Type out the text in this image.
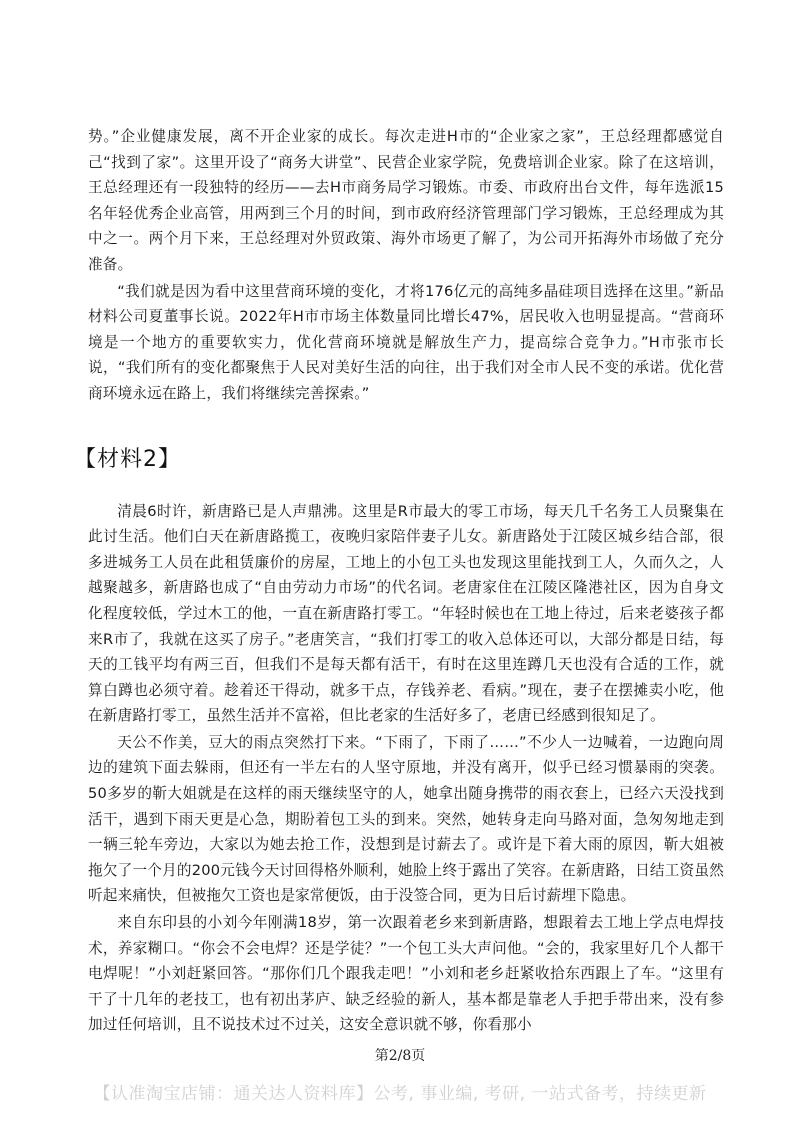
势。”企业健康发展，离不开企业家的成长。每次走进H市的“企业家之家”，王总经理都感觉自己“找到了家”。这里开设了“商务大讲堂”、民营企业家学院，免费培训企业家。除了在这培训，王总经理还有一段独特的经历——去H市商务局学习锻炼。市委、市政府出台文件，每年选派15名年轻优秀企业高管，用两到三个月的时间，到市政府经济管理部门学习锻炼，王总经理成为其中之一。两个月下来，王总经理对外贸政策、海外市场更了解了，为公司开拓海外市场做了充分准备。

“我们就是因为看中这里营商环境的变化，才将176亿元的高纯多晶硅项目选择在这里。”新品材料公司夏董事长说。2022年H市市场主体数量同比增长47%，居民收入也明显提高。“营商环境是一个地方的重要软实力，优化营商环境就是解放生产力，提高综合竞争力。”H市张市长说，“我们所有的变化都聚焦于人民对美好生活的向往，出于我们对全市人民不变的承诺。优化营商环境永远在路上，我们将继续完善探索。”

【材料2】

清晨6时许，新唐路已是人声鼎沸。这里是R市最大的零工市场，每天几千名务工人员聚集在此讨生活。他们白天在新唐路揽工，夜晚归家陪伴妻子儿女。新唐路处于江陵区城乡结合部，很多进城务工人员在此租赁廉价的房屋，工地上的小包工头也发现这里能找到工人，久而久之，人越聚越多，新唐路也成了“自由劳动力市场”的代名词。老唐家住在江陵区隆港社区，因为自身文化程度较低，学过木工的他，一直在新唐路打零工。“年轻时候也在工地上待过，后来老婆孩子都来R市了，我就在这买了房子。”老唐笑言，“我们打零工的收入总体还可以，大部分都是日结，每天的工钱平均有两三百，但我们不是每天都有活干，有时在这里连蹲几天也没有合适的工作，就算白蹲也必须守着。趁着还干得动，就多干点，存钱养老、看病。”现在，妻子在摆摊卖小吃，他在新唐路打零工，虽然生活并不富裕，但比老家的生活好多了，老唐已经感到很知足了。

天公不作美，豆大的雨点突然打下来。“下雨了，下雨了……”不少人一边喊着，一边跑向周边的建筑下面去躲雨，但还有一半左右的人坚守原地，并没有离开，似乎已经习惯暴雨的突袭。50多岁的靳大姐就是在这样的雨天继续坚守的人，她拿出随身携带的雨衣套上，已经六天没找到活干，遇到下雨天更是心急，期盼着包工头的到来。突然，她转身走向马路对面，急匆匆地走到一辆三轮车旁边，大家以为她去抢工作，没想到是讨薪去了。或许是下着大雨的原因，靳大姐被拖欠了一个月的200元钱今天讨回得格外顺利，她脸上终于露出了笑容。在新唐路，日结工资虽然听起来痛快，但被拖欠工资也是家常便饭，由于没签合同，更为日后讨薪埋下隐患。

来自东印县的小刘今年刚满18岁，第一次跟着老乡来到新唐路，想跟着去工地上学点电焊技术，养家糊口。“你会不会电焊？还是学徒？”一个包工头大声问他。“会的，我家里好几个人都干电焊呢！”小刘赶紧回答。“那你们几个跟我走吧！”小刘和老乡赶紧收拾东西跟上了车。“这里有干了十几年的老技工，也有初出茅庐、缺乏经验的新人，基本都是靠老人手把手带出来，没有参加过任何培训，且不说技术过不过关，这安全意识就不够，你看那小

第2/8页
【认准淘宝店铺：通关达人资料库】公考, 事业编, 考研, 一站式备考，持续更新
